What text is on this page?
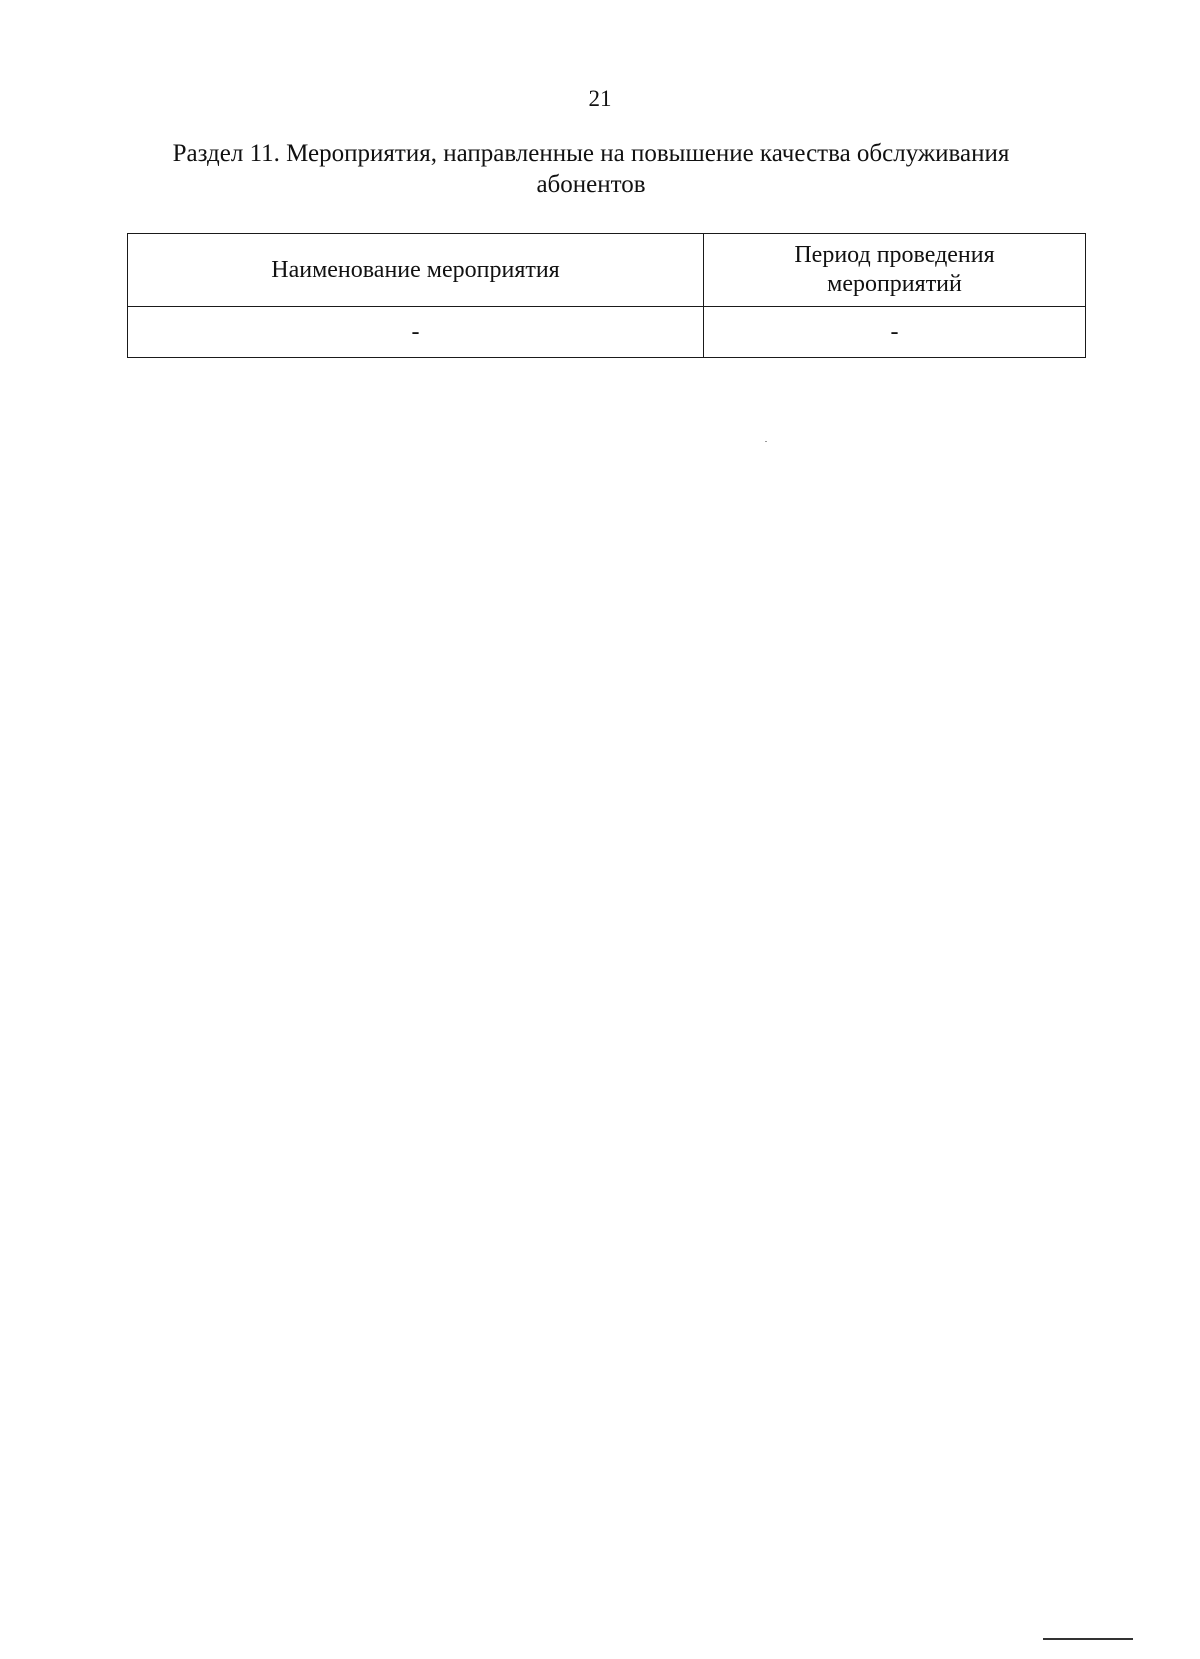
21
Раздел 11. Мероприятия, направленные на повышение качества обслуживания
абонентов
Наименование мероприятия	Период проведения
мероприятий
-	-
